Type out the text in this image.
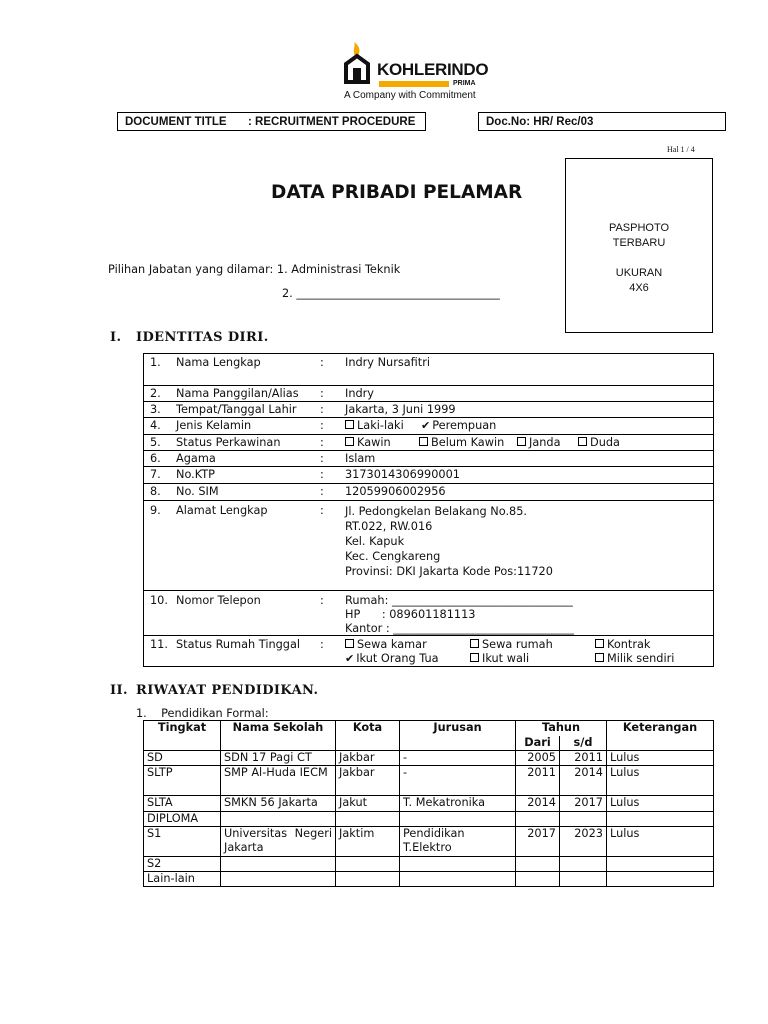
KOHLERINDO
PRIMA
A Company with Commitment
DOCUMENT TITLE : RECRUITMENT PROCEDURE	Doc.No: HR/ Rec/03
Hal 1 / 4
PASPHOTO
TERBARU
UKURAN
4X6
DATA PRIBADI PELAMAR
Pilihan Jabatan yang dilamar: 1. Administrasi Teknik
2. ____________________________________
I. IDENTITAS DIRI.
1. Nama Lengkap	: Indry Nursafitri
2. Nama Panggilan/Alias : Indry
3. Tempat/Tanggal Lahir : Jakarta, 3 Juni 1999
4. Jenis Kelamin	:	Laki-laki ✔ Perempuan
5. Status Perkawinan	:	Kawin	Belum Kawin	Janda	Duda
6. Agama	: Islam
7. No.KTP	: 3173014306990001
8. No. SIM	: 12059906002956
9. Alamat Lengkap	: Jl. Pedongkelan Belakang No.85.
RT.022, RW.016
Kel. Kapuk
Kec. Cengkareng
Provinsi: DKI Jakarta Kode Pos:11720
10. Nomor Telepon	: Rumah: ________________________________
HP      : 089601181113
Kantor : ________________________________
11. Status Rumah Tinggal :	Sewa kamar	Sewa rumah	Kontrak
✔ Ikut Orang Tua	Ikut wali	Milik sendiri
II. RIWAYAT PENDIDIKAN.
1.    Pendidikan Formal:
Tingkat	Nama Sekolah	Kota	Jurusan	Tahun		Keterangan
				Dari	s/d	
SD	SDN 17 Pagi CT	Jakbar	-	2005	2011	Lulus
SLTP	SMP Al-Huda IECM	Jakbar	-	2011	2014	Lulus
SLTA	SMKN 56 Jakarta	Jakut	T. Mekatronika	2014	2017	Lulus
DIPLOMA						
S1	Universitas Negeri Jakarta	Jaktim	Pendidikan T.Elektro	2017	2023	Lulus
S2						
Lain-lain						
